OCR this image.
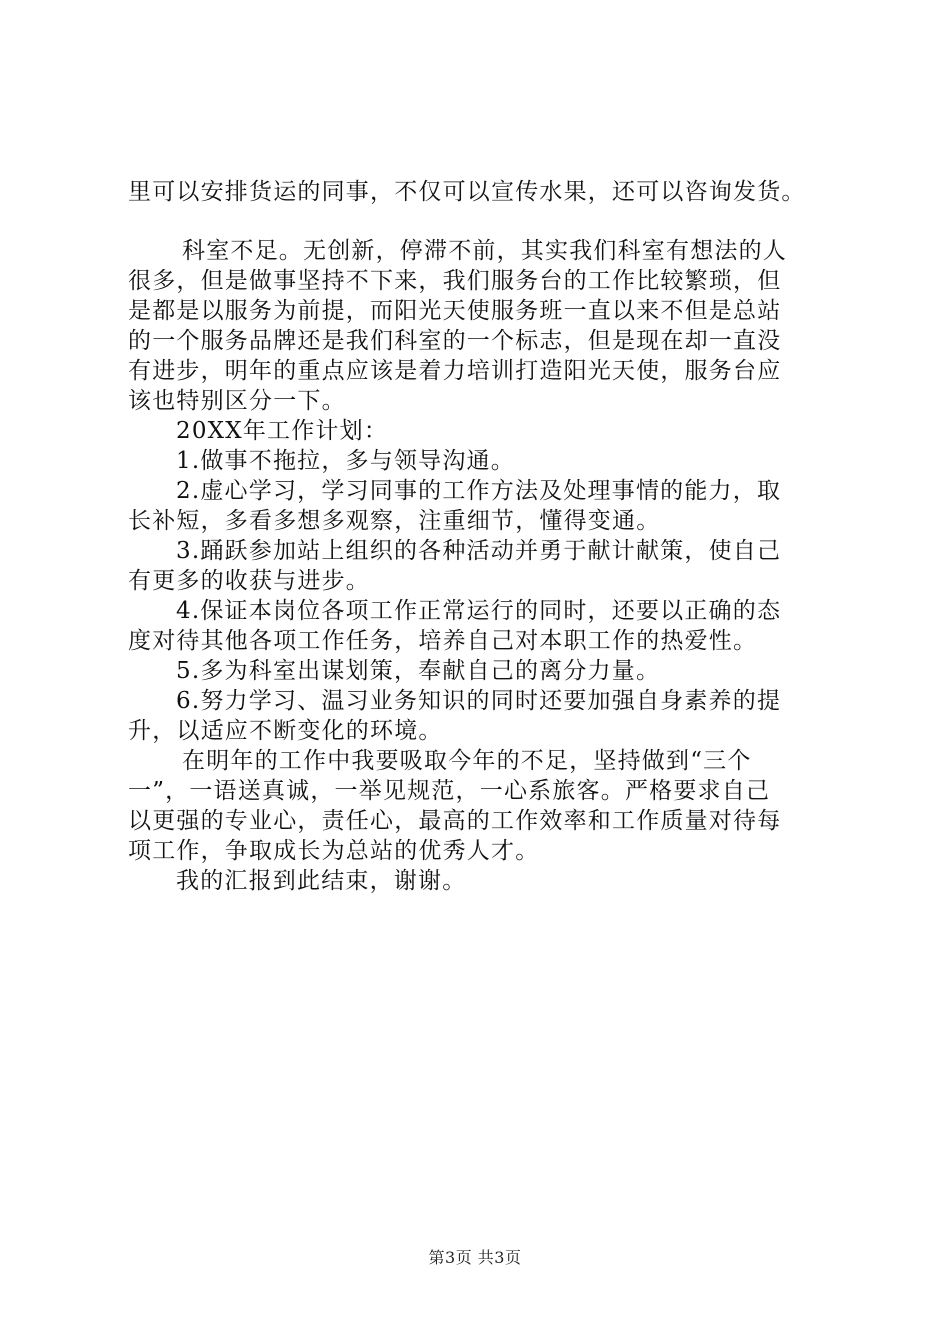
里可以安排货运的同事，不仅可以宣传水果，还可以咨询发货。
科室不足。无创新，停滞不前，其实我们科室有想法的人
很多，但是做事坚持不下来，我们服务台的工作比较繁琐，但
是都是以服务为前提，而阳光天使服务班一直以来不但是总站
的一个服务品牌还是我们科室的一个标志，但是现在却一直没
有进步，明年的重点应该是着力培训打造阳光天使，服务台应
该也特别区分一下。
20XX年工作计划：
1.做事不拖拉，多与领导沟通。
2.虚心学习，学习同事的工作方法及处理事情的能力，取
长补短，多看多想多观察，注重细节，懂得变通。
3.踊跃参加站上组织的各种活动并勇于献计献策，使自己
有更多的收获与进步。
4.保证本岗位各项工作正常运行的同时，还要以正确的态
度对待其他各项工作任务，培养自己对本职工作的热爱性。
5.多为科室出谋划策，奉献自己的离分力量。
6.努力学习、温习业务知识的同时还要加强自身素养的提
升，以适应不断变化的环境。
在明年的工作中我要吸取今年的不足，坚持做到“三个
一”，一语送真诚，一举见规范，一心系旅客。严格要求自己
以更强的专业心，责任心，最高的工作效率和工作质量对待每
项工作，争取成长为总站的优秀人才。
我的汇报到此结束，谢谢。
第3页 共3页
